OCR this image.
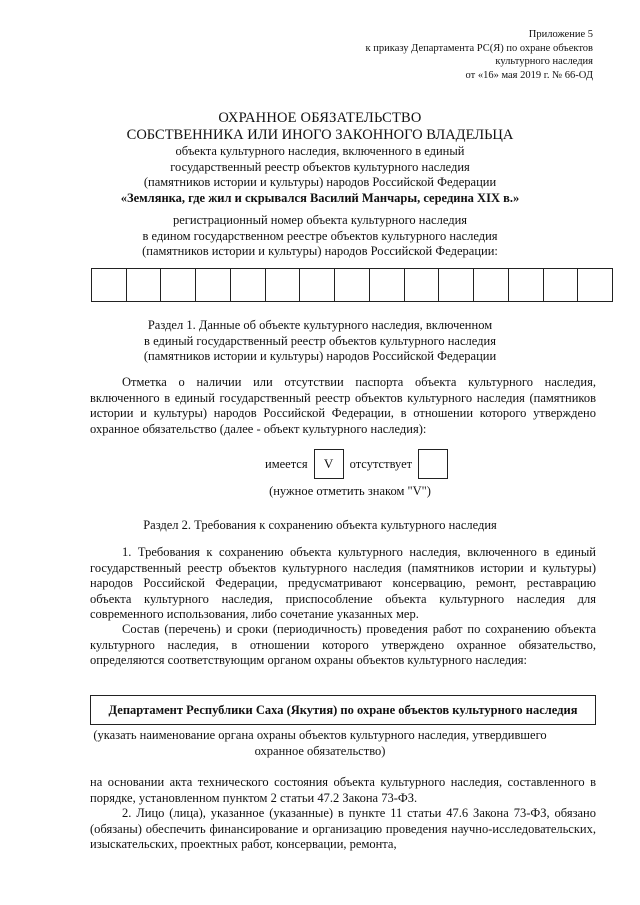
Приложение 5
к приказу Департамента РС(Я) по охране объектов
культурного наследия
от «16» мая 2019 г. № 66-ОД
ОХРАННОЕ ОБЯЗАТЕЛЬСТВО
СОБСТВЕННИКА ИЛИ ИНОГО ЗАКОННОГО ВЛАДЕЛЬЦА
объекта культурного наследия, включенного в единый
государственный реестр объектов культурного наследия
(памятников истории и культуры) народов Российской Федерации
«Землянка, где жил и скрывался Василий Манчары, середина XIX в.»
регистрационный номер объекта культурного наследия
в едином государственном реестре объектов культурного наследия
(памятников истории и культуры) народов Российской Федерации:
Раздел 1. Данные об объекте культурного наследия, включенном
в единый государственный реестр объектов культурного наследия
(памятников истории и культуры) народов Российской Федерации
Отметка о наличии или отсутствии паспорта объекта культурного наследия, включенного в единый государственный реестр объектов культурного наследия (памятников истории и культуры) народов Российской Федерации, в отношении которого утверждено охранное обязательство (далее - объект культурного наследия):
имеется	V	отсутствует
(нужное отметить знаком "V")
Раздел 2. Требования к сохранению объекта культурного наследия
1. Требования к сохранению объекта культурного наследия, включенного в единый государственный реестр объектов культурного наследия (памятников истории и культуры) народов Российской Федерации, предусматривают консервацию, ремонт, реставрацию объекта культурного наследия, приспособление объекта культурного наследия для современного использования, либо сочетание указанных мер.
Состав (перечень) и сроки (периодичность) проведения работ по сохранению объекта культурного наследия, в отношении которого утверждено охранное обязательство, определяются соответствующим органом охраны объектов культурного наследия:
Департамент Республики Саха (Якутия) по охране объектов культурного наследия
(указать наименование органа охраны объектов культурного наследия, утвердившего
охранное обязательство)
на основании акта технического состояния объекта культурного наследия, составленного в порядке, установленном пунктом 2 статьи 47.2 Закона 73-ФЗ.
2. Лицо (лица), указанное (указанные) в пункте 11 статьи 47.6 Закона 73-ФЗ, обязано (обязаны) обеспечить финансирование и организацию проведения научно-исследовательских, изыскательских, проектных работ, консервации, ремонта,
